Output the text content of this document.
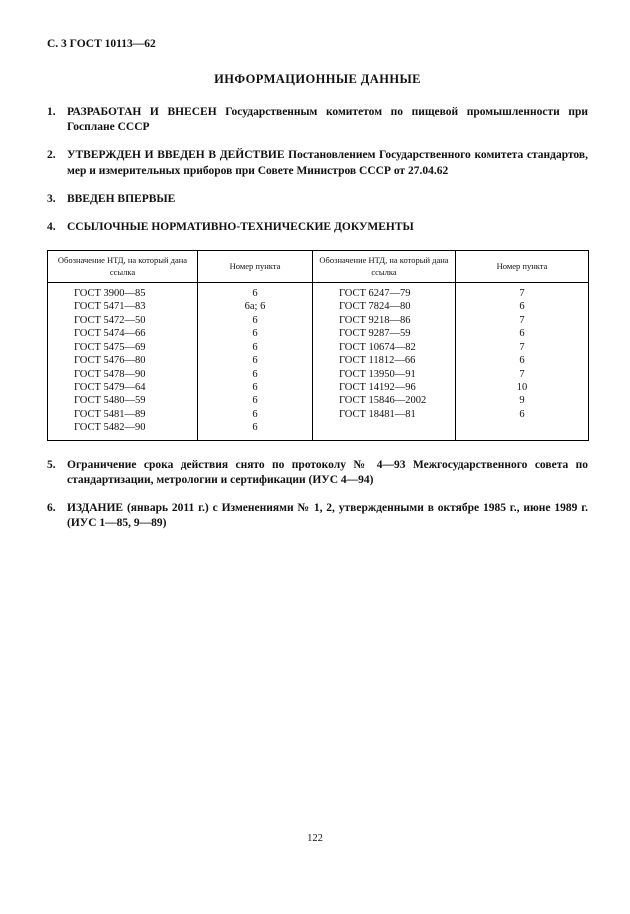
С. 3 ГОСТ 10113—62
ИНФОРМАЦИОННЫЕ ДАННЫЕ
1. РАЗРАБОТАН И ВНЕСЕН Государственным комитетом по пищевой промышленности при Госплане СССР
2. УТВЕРЖДЕН И ВВЕДЕН В ДЕЙСТВИЕ Постановлением Государственного комитета стандартов, мер и измерительных приборов при Совете Министров СССР от 27.04.62
3. ВВЕДЕН ВПЕРВЫЕ
4. ССЫЛОЧНЫЕ НОРМАТИВНО-ТЕХНИЧЕСКИЕ ДОКУМЕНТЫ
Обозначение НТД, на который дана ссылка	Номер пункта	Обозначение НТД, на который дана ссылка	Номер пункта
ГОСТ 3900—85	6	ГОСТ 6247—79	7
ГОСТ 5471—83	6а; 6	ГОСТ 7824—80	6
ГОСТ 5472—50	6	ГОСТ 9218—86	7
ГОСТ 5474—66	6	ГОСТ 9287—59	6
ГОСТ 5475—69	6	ГОСТ 10674—82	7
ГОСТ 5476—80	6	ГОСТ 11812—66	6
ГОСТ 5478—90	6	ГОСТ 13950—91	7
ГОСТ 5479—64	6	ГОСТ 14192—96	10
ГОСТ 5480—59	6	ГОСТ 15846—2002	9
ГОСТ 5481—89	6	ГОСТ 18481—81	6
ГОСТ 5482—90	6		
5. Ограничение срока действия снято по протоколу № 4—93 Межгосударственного совета по стандартизации, метрологии и сертификации (ИУС 4—94)
6. ИЗДАНИЕ (январь 2011 г.) с Изменениями № 1, 2, утвержденными в октябре 1985 г., июне 1989 г. (ИУС 1—85, 9—89)
122
